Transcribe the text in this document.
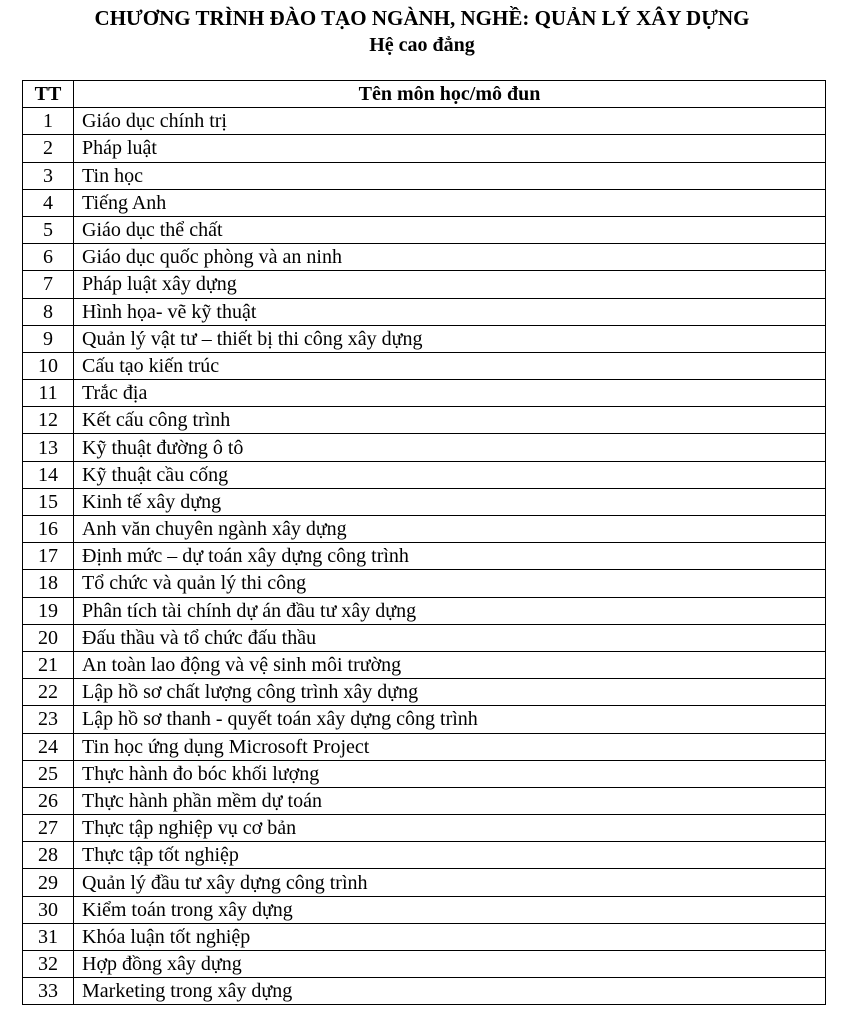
CHƯƠNG TRÌNH ĐÀO TẠO NGÀNH, NGHỀ: QUẢN LÝ XÂY DỰNG
Hệ cao đẳng
TT	Tên môn học/mô đun
1	Giáo dục chính trị
2	Pháp luật
3	Tin học
4	Tiếng Anh
5	Giáo dục thể chất
6	Giáo dục quốc phòng và an ninh
7	Pháp luật xây dựng
8	Hình họa- vẽ kỹ thuật
9	Quản lý vật tư – thiết bị thi công xây dựng
10	Cấu tạo kiến trúc
11	Trắc địa
12	Kết cấu công trình
13	Kỹ thuật đường ô tô
14	Kỹ thuật cầu cống
15	Kinh tế xây dựng
16	Anh văn chuyên ngành xây dựng
17	Định mức – dự toán xây dựng công trình
18	Tổ chức và quản lý thi công
19	Phân tích tài chính dự án đầu tư xây dựng
20	Đấu thầu và tổ chức đấu thầu
21	An toàn lao động và vệ sinh môi trường
22	Lập hồ sơ chất lượng công trình xây dựng
23	Lập hồ sơ thanh - quyết toán xây dựng công trình
24	Tin học ứng dụng Microsoft Project
25	Thực hành đo bóc khối lượng
26	Thực hành phần mềm dự toán
27	Thực tập nghiệp vụ cơ bản
28	Thực tập tốt nghiệp
29	Quản lý đầu tư xây dựng công trình
30	Kiểm toán trong xây dựng
31	Khóa luận tốt nghiệp
32	Hợp đồng xây dựng
33	Marketing trong xây dựng
